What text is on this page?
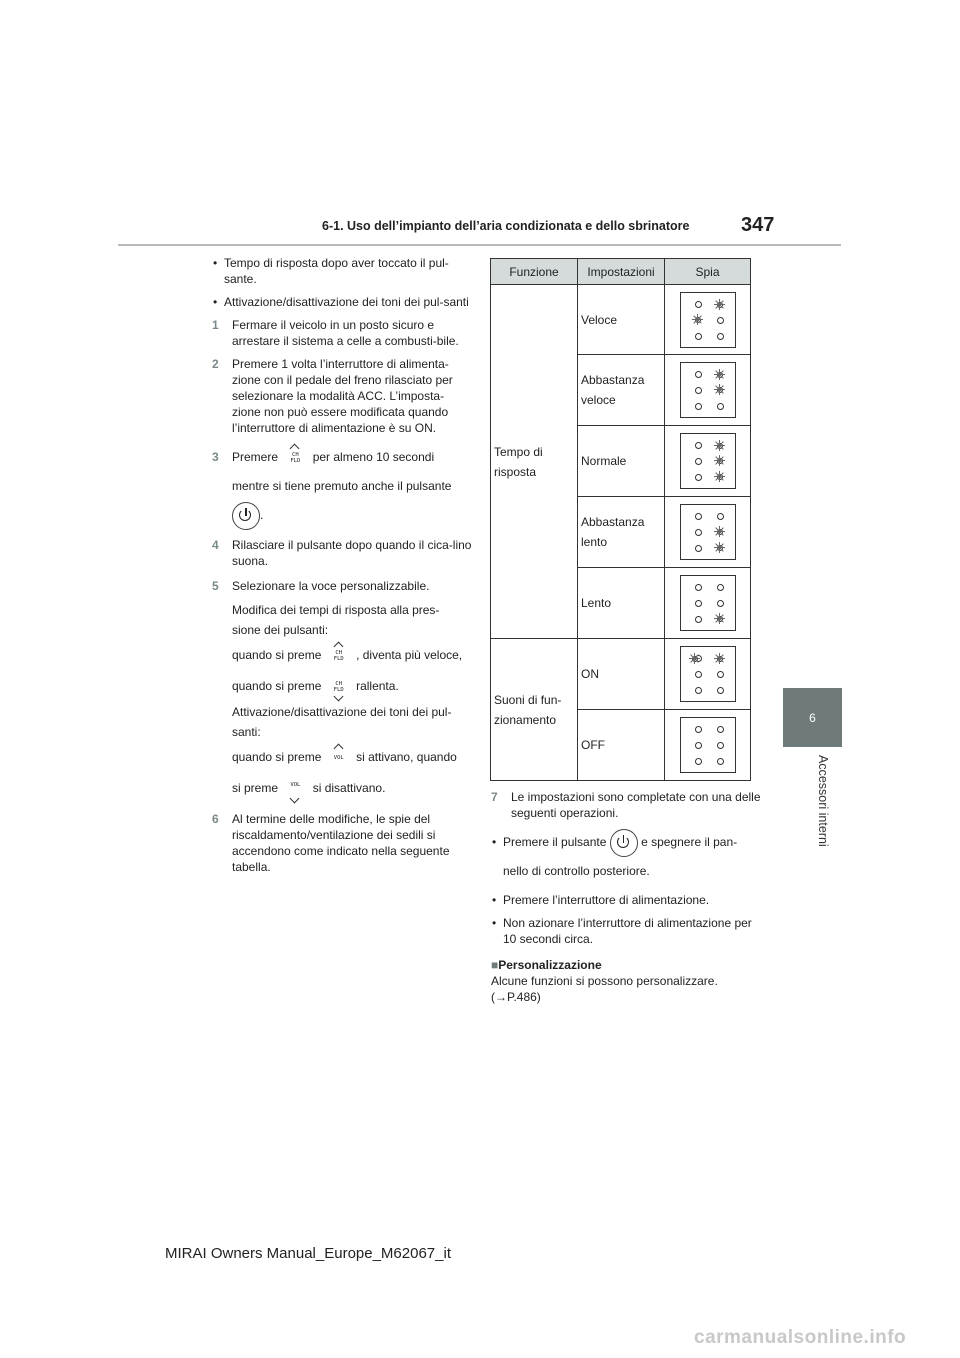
6-1. Uso dell’impianto dell’aria condizionata e dello sbrinatore	347
6
Accessori interni

• Tempo di risposta dopo aver toccato il pul-sante.

• Attivazione/disattivazione dei toni dei pul-santi

1 Fermare il veicolo in un posto sicuro e arrestare il sistema a celle a combusti-bile.

2 Premere 1 volta l’interruttore di alimenta-zione con il pedale del freno rilasciato per selezionare la modalità ACC. L’imposta-zione non può essere modificata quando l’interruttore di alimentazione è su ON.

3 Premere	CH
FLD per almeno 10 secondi
mentre si tiene premuto anche il pulsante
.

4 Rilasciare il pulsante dopo quando il cica-lino suona.

5 Selezionare la voce personalizzabile.

Modifica dei tempi di risposta alla pres-
sione dei pulsanti:
quando si preme	CH
FLD , diventa più veloce,
quando si preme	CH
FLD rallenta.
Attivazione/disattivazione dei toni dei pul-
santi:
quando si preme	VOL si attivano, quando
si preme	VOL si disattivano.

6 Al termine delle modifiche, le spie del riscaldamento/ventilazione dei sedili si accendono come indicato nella seguente tabella.

Funzione	Impostazioni	Spia

Tempo di
risposta	Veloce	

	Abbastanza
veloce	

	Normale	

	Abbastanza
lento	

	Lento	

Suoni di fun-
zionamento	ON	

	OFF	

7 Le impostazioni sono completate con una delle seguenti operazioni.

• Premere il pulsante	e spegnere il pan-
nello di controllo posteriore.

• Premere l’interruttore di alimentazione.

• Non azionare l’interruttore di alimentazione per 10 secondi circa.

■Personalizzazione

Alcune funzioni si possono personalizzare. (→P.486)

MIRAI Owners Manual_Europe_M62067_it
carmanualsonline.info
